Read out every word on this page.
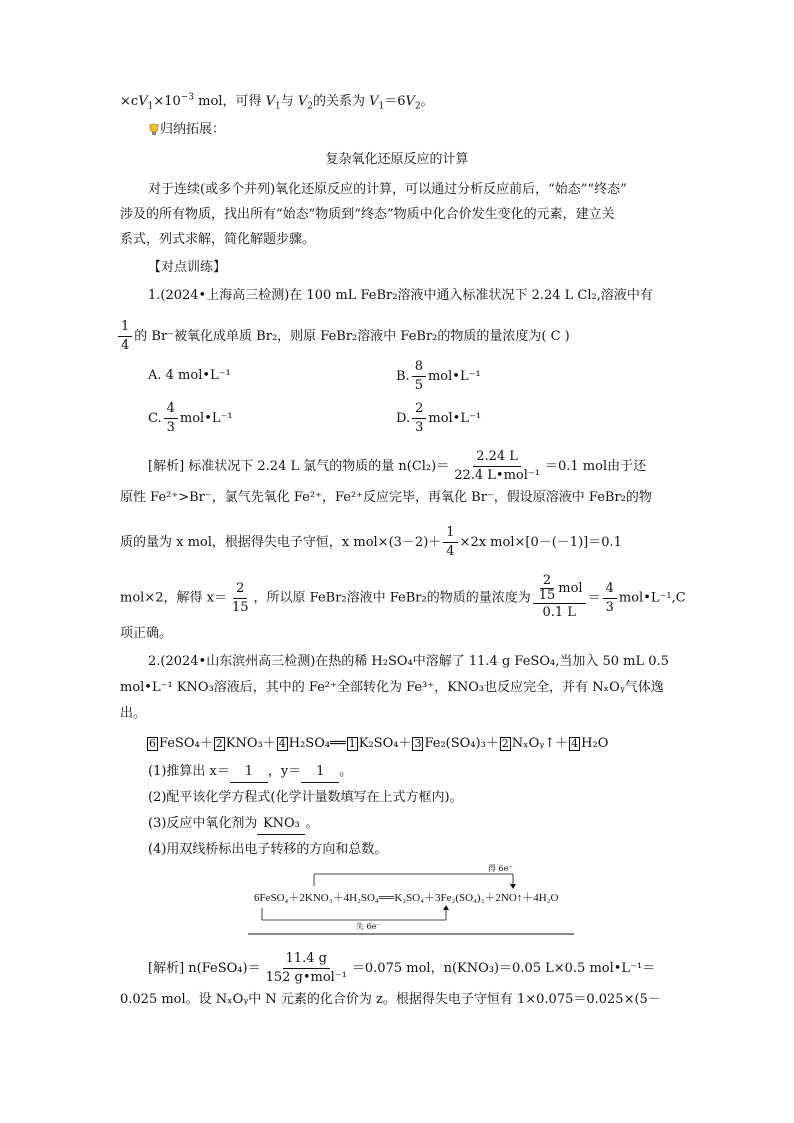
$\times cV_1\times 10^{-3}$ mol，可得 $V_1$与 $V_2$的关系为 $V_1=6V_2$。
归纳拓展：
复杂氧化还原反应的计算
对于连续(或多个并列)氧化还原反应的计算，可以通过分析反应前后，“始态”“终态”
涉及的所有物质，找出所有“始态”物质到“终态”物质中化合价发生变化的元素，建立关
系式，列式求解，简化解题步骤。
【对点训练】
1.(2024•上海高三检测)在 100 mL FeBr₂溶液中通入标准状况下 2.24 L Cl₂,溶液中有
$\frac{1}{4}$ 的 Br⁻被氧化成单质 Br₂，则原 FeBr₂溶液中 FeBr₂的物质的量浓度为( C )
A. 4 mol•L⁻¹	B. $\frac{8}{5}$ mol•L⁻¹
C. $\frac{4}{3}$ mol•L⁻¹	D. $\frac{2}{3}$ mol•L⁻¹
[解析] 标准状况下 2.24 L 氯气的物质的量 $n(Cl_2)= \frac{2.24 L}{\text{22.4 L•mol⁻¹}} =0.1$ mol由于还
原性 Fe²⁺>Br⁻，氯气先氧化 Fe²⁺，Fe²⁺反应完毕，再氧化 Br⁻，假设原溶液中 FeBr₂的物
质的量为 x mol，根据得失电子守恒，x $mol\times(3-2)+ \frac{1}{4} \times 2x$ mol×[0－(－1)]＝0.1
mol×2，解得 $x= \frac{2}{15}$ ，所以原 FeBr₂溶液中 FeBr₂的物质的量浓度为 $\frac{\frac{2}{15} mol}{0.1 L} = \frac{4}{3}$ mol•L⁻¹,C
项正确。
2.(2024•山东滨州高三检测)在热的稀 H₂SO₄中溶解了 11.4 g FeSO₄,当加入 50 mL 0.5
mol•L⁻¹ KNO₃溶液后，其中的 Fe²⁺全部转化为 Fe³⁺，KNO₃也反应完全，并有 NₓOᵧ气体逸
出。
6 FeSO₄＋ 2 KNO₃＋ 4 H₂SO₄══ 1 K₂SO₄＋ 3 Fe₂(SO₄)₃＋ 2 NₓOᵧ↑＋ 4 H₂O
(1)推算出 x＝ 1 ，y＝ 1 。
(2)配平该化学方程式(化学计量数填写在上式方框内)。
(3)反应中氧化剂为 KNO₃ 。
(4)用双线桥标出电子转移的方向和总数。
得 6e⁻
6FeSO₄＋2KNO₃＋4H₂SO₄══K₂SO₄＋3Fe₂(SO₄)₃＋2NO↑＋4H₂O
失 6e⁻
[解析] n(FeSO₄)＝ $\frac{11.4 g}{\text{152 g•mol⁻¹}} =0.075$ mol，n(KNO₃)＝0.05 L×0.5 mol•L⁻¹＝
0.025 mol。设 NₓOᵧ中 N 元素的化合价为 z。根据得失电子守恒有 1×0.075＝0.025×(5－
